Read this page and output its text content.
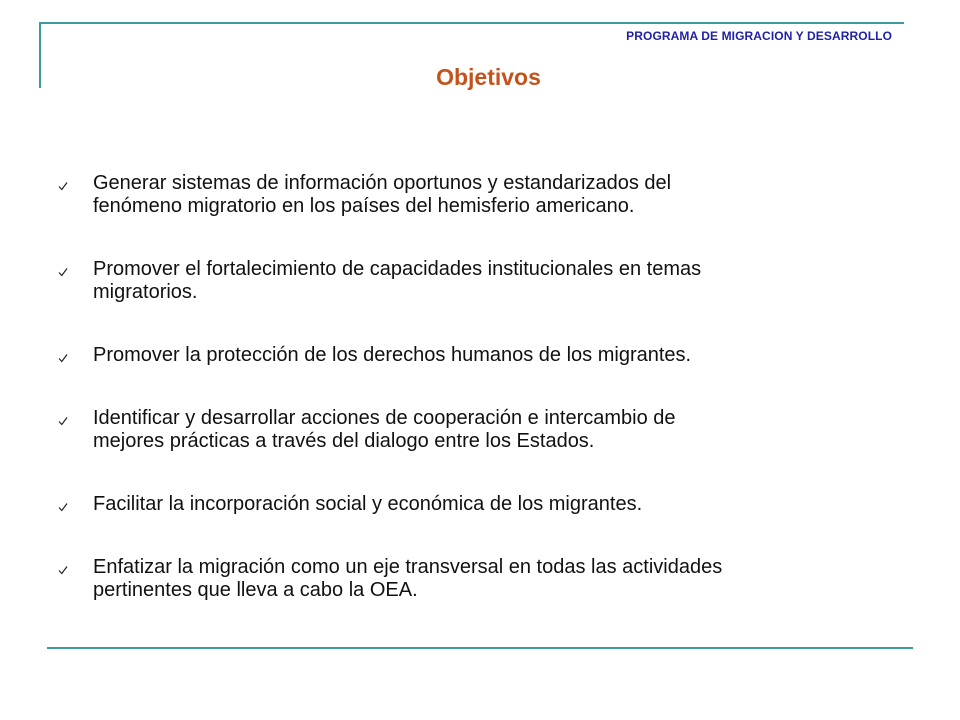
PROGRAMA DE MIGRACION Y DESARROLLO
Objetivos
Generar sistemas de información oportunos y estandarizados del
fenómeno migratorio en los países del hemisferio americano.
Promover el fortalecimiento de capacidades institucionales en temas
migratorios.
Promover la protección de los derechos humanos de los migrantes.
Identificar y desarrollar acciones de cooperación e intercambio de
mejores prácticas a través del dialogo entre los Estados.
Facilitar la incorporación social y económica de los migrantes.
Enfatizar la migración como un eje transversal en todas las actividades
pertinentes que lleva a cabo la OEA.
